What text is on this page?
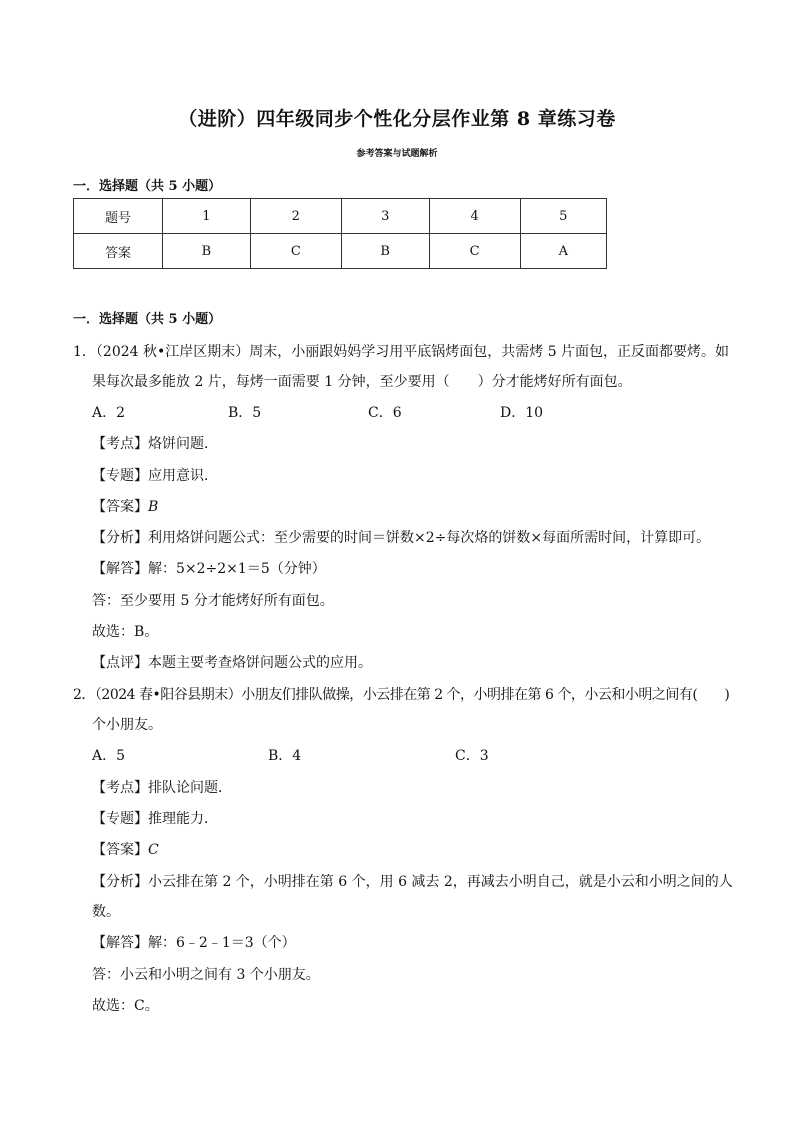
（进阶）四年级同步个性化分层作业第 8 章练习卷
参考答案与试题解析
一．选择题（共 5 小题）
题号	1	2	3	4	5
答案	B	C	B	C	A
一．选择题（共 5 小题）
1．（2024 秋•江岸区期末）周末，小丽跟妈妈学习用平底锅烤面包，共需烤 5 片面包，正反面都要烤。如
果每次最多能放 2 片，每烤一面需要 1 分钟，至少要用（　　）分才能烤好所有面包。
A．2	B．5	C．6	D．10
【考点】烙饼问题．
【专题】应用意识．
【答案】B
【分析】利用烙饼问题公式：至少需要的时间＝饼数×2÷每次烙的饼数×每面所需时间，计算即可。
【解答】解：5×2÷2×1＝5（分钟）
答：至少要用 5 分才能烤好所有面包。
故选：B。
【点评】本题主要考查烙饼问题公式的应用。
2．（2024 春•阳谷县期末）小朋友们排队做操，小云排在第 2 个，小明排在第 6 个，小云和小明之间有(　　)
个小朋友。
A．5	B．4	C．3
【考点】排队论问题．
【专题】推理能力．
【答案】C
【分析】小云排在第 2 个，小明排在第 6 个，用 6 减去 2，再减去小明自己，就是小云和小明之间的人
数。
【解答】解：6﹣2﹣1＝3（个）
答：小云和小明之间有 3 个小朋友。
故选：C。
